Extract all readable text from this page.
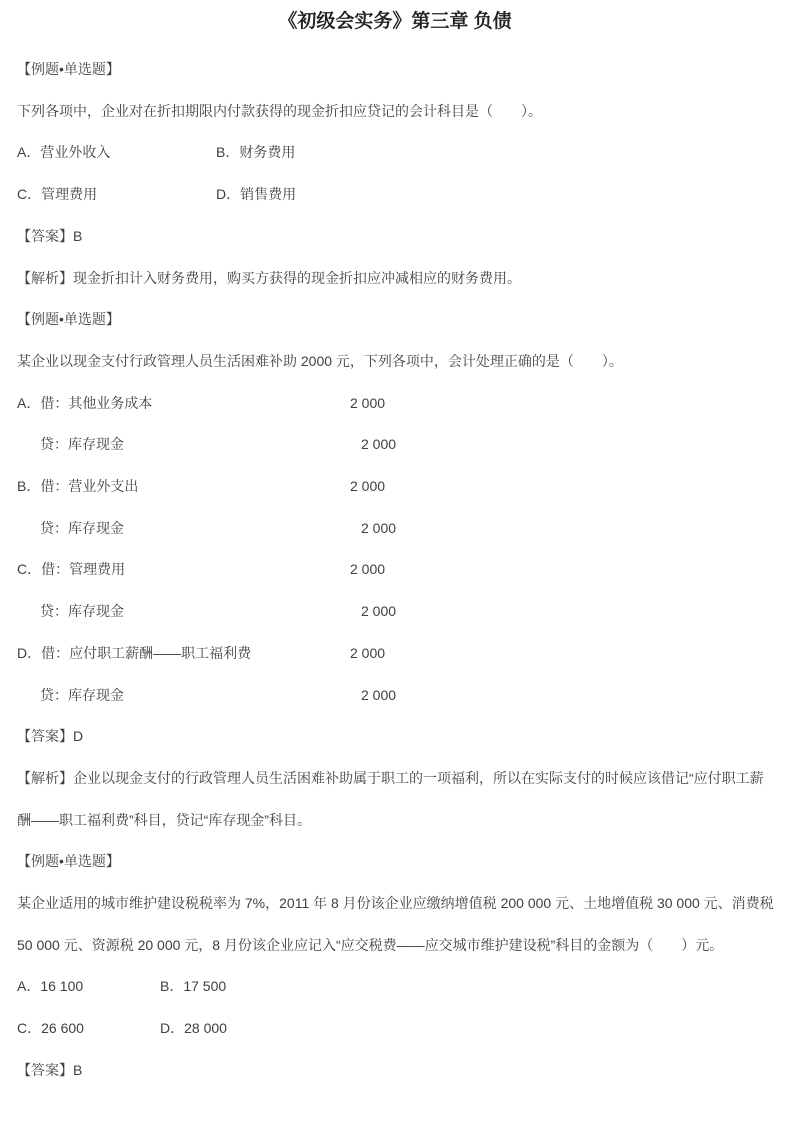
《初级会实务》第三章 负债

【例题•单选题】

下列各项中，企业对在折扣期限内付款获得的现金折扣应贷记的会计科目是（　　）。

A．营业外收入	B．财务费用

C．管理费用	D．销售费用

【答案】B

【解析】现金折扣计入财务费用，购买方获得的现金折扣应冲减相应的财务费用。

【例题•单选题】

某企业以现金支付行政管理人员生活困难补助 2000 元，下列各项中，会计处理正确的是（　　）。

A．借：其他业务成本	2 000

贷：库存现金	2 000

B．借：营业外支出	2 000

贷：库存现金	2 000

C．借：管理费用	2 000

贷：库存现金	2 000

D．借：应付职工薪酬——职工福利费	2 000

贷：库存现金	2 000

【答案】D

【解析】企业以现金支付的行政管理人员生活困难补助属于职工的一项福利，所以在实际支付的时候应该借记“应付职工薪

酬——职工福利费”科目，贷记“库存现金”科目。

【例题•单选题】

某企业适用的城市维护建设税税率为 7%，2011 年 8 月份该企业应缴纳增值税 200 000 元、土地增值税 30 000 元、消费税

50 000 元、资源税 20 000 元，8 月份该企业应记入“应交税费——应交城市维护建设税”科目的金额为（　　）元。

A．16 100	B．17 500

C．26 600	D．28 000

【答案】B
